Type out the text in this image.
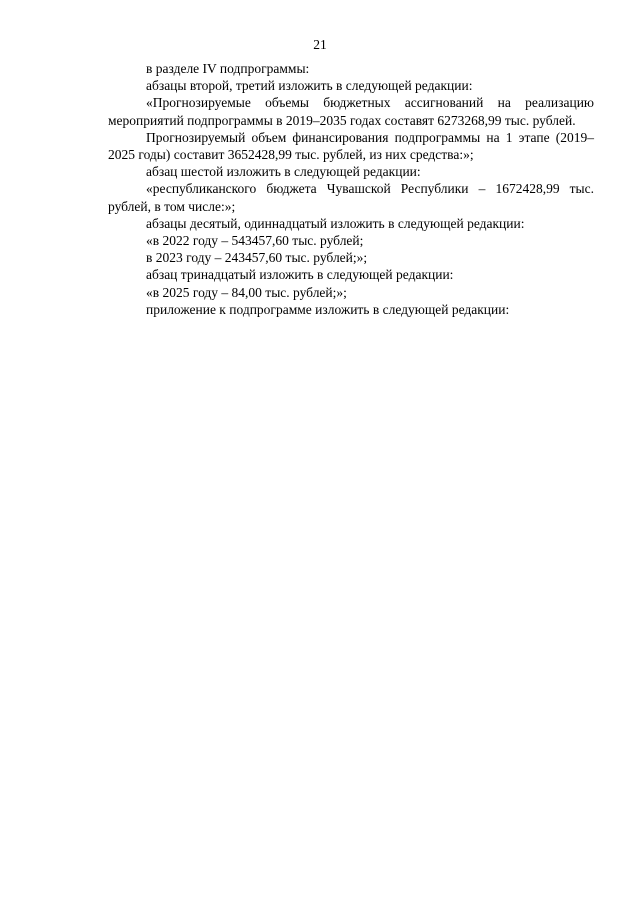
21

в разделе IV подпрограммы:

абзацы второй, третий изложить в следующей редакции:

«Прогнозируемые объемы бюджетных ассигнований на реализацию мероприятий подпрограммы в 2019–2035 годах составят 6273268,99 тыс. рублей.

Прогнозируемый объем финансирования подпрограммы на 1 этапе (2019–2025 годы) составит 3652428,99 тыс. рублей, из них средства:»;

абзац шестой изложить в следующей редакции:

«республиканского бюджета Чувашской Республики – 1672428,99 тыс. рублей, в том числе:»;

абзацы десятый, одиннадцатый изложить в следующей редакции:

«в 2022 году – 543457,60 тыс. рублей;

в 2023 году – 243457,60 тыс. рублей;»;

абзац тринадцатый изложить в следующей редакции:

«в 2025 году – 84,00 тыс. рублей;»;

приложение к подпрограмме изложить в следующей редакции:
